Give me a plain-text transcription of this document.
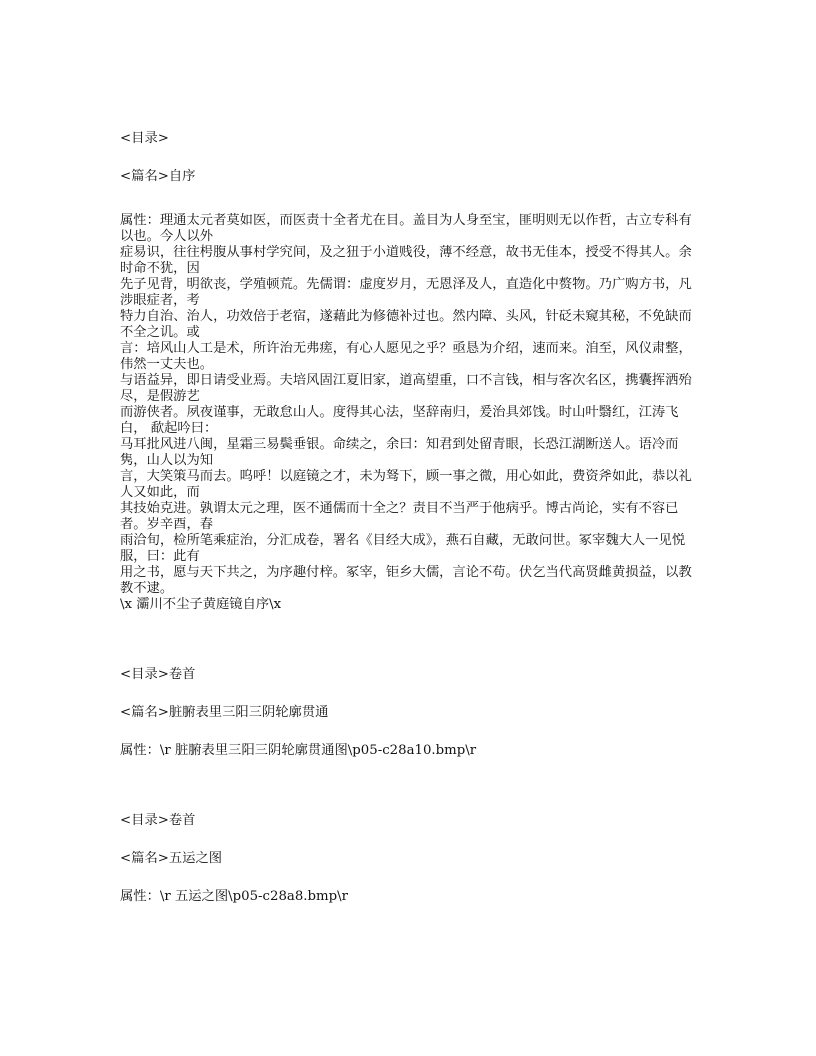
<目录>
<篇名>自序
属性：理通太元者莫如医，而医责十全者尤在目。盖目为人身至宝，匪明则无以作哲，古立专科有以也。今人以外
症易识，往往枵腹从事村学究间，及之狃于小道贱役，薄不经意，故书无佳本，授受不得其人。余时命不犹，因
先子见背，明欲丧，学殖顿荒。先儒谓：虚度岁月，无恩泽及人，直造化中赘物。乃广购方书，凡涉眼症者，考
特力自治、治人，功效倍于老宿，遂藉此为修德补过也。然内障、头风，针砭未窥其秘，不免缺而不全之讥。或
言：培风山人工是术，所许治无弗瘥，有心人愿见之乎？亟恳为介绍，速而来。洎至，风仪肃整，伟然一丈夫也。
与语益异，即日请受业焉。夫培风固江夏旧家，道高望重，口不言钱，相与客次名区，携囊挥洒殆尽，是假游艺
而游侠者。夙夜谨事，无敢怠山人。度得其心法，坚辞南归，爰治具郊饯。时山叶翳红，江涛飞白， 歃起吟曰：
马耳批风进八闽，星霜三易鬓垂银。命续之，余曰：知君到处留青眼，长恐江湖断送人。语冷而隽，山人以为知
言，大笑策马而去。呜呼！以庭镜之才，未为驽下，顾一事之微，用心如此，费资斧如此，恭以礼人又如此，而
其技始克进。孰谓太元之理，医不通儒而十全之？责目不当严于他病乎。博古尚论，实有不容已者。岁辛酉，春
雨洽旬，检所笔乘症治，分汇成卷，署名《目经大成》，燕石自藏，无敢问世。冢宰魏大人一见悦服，曰：此有
用之书，愿与天下共之，为序趣付梓。冢宰，钜乡大儒，言论不苟。伏乞当代高贤雌黄损益，以教教不逮。
\x 灞川不尘子黄庭镜自序\x
<目录>卷首
<篇名>脏腑表里三阳三阴轮廓贯通
属性：\r 脏腑表里三阳三阴轮廓贯通图\p05-c28a10.bmp\r
<目录>卷首
<篇名>五运之图
属性：\r 五运之图\p05-c28a8.bmp\r
